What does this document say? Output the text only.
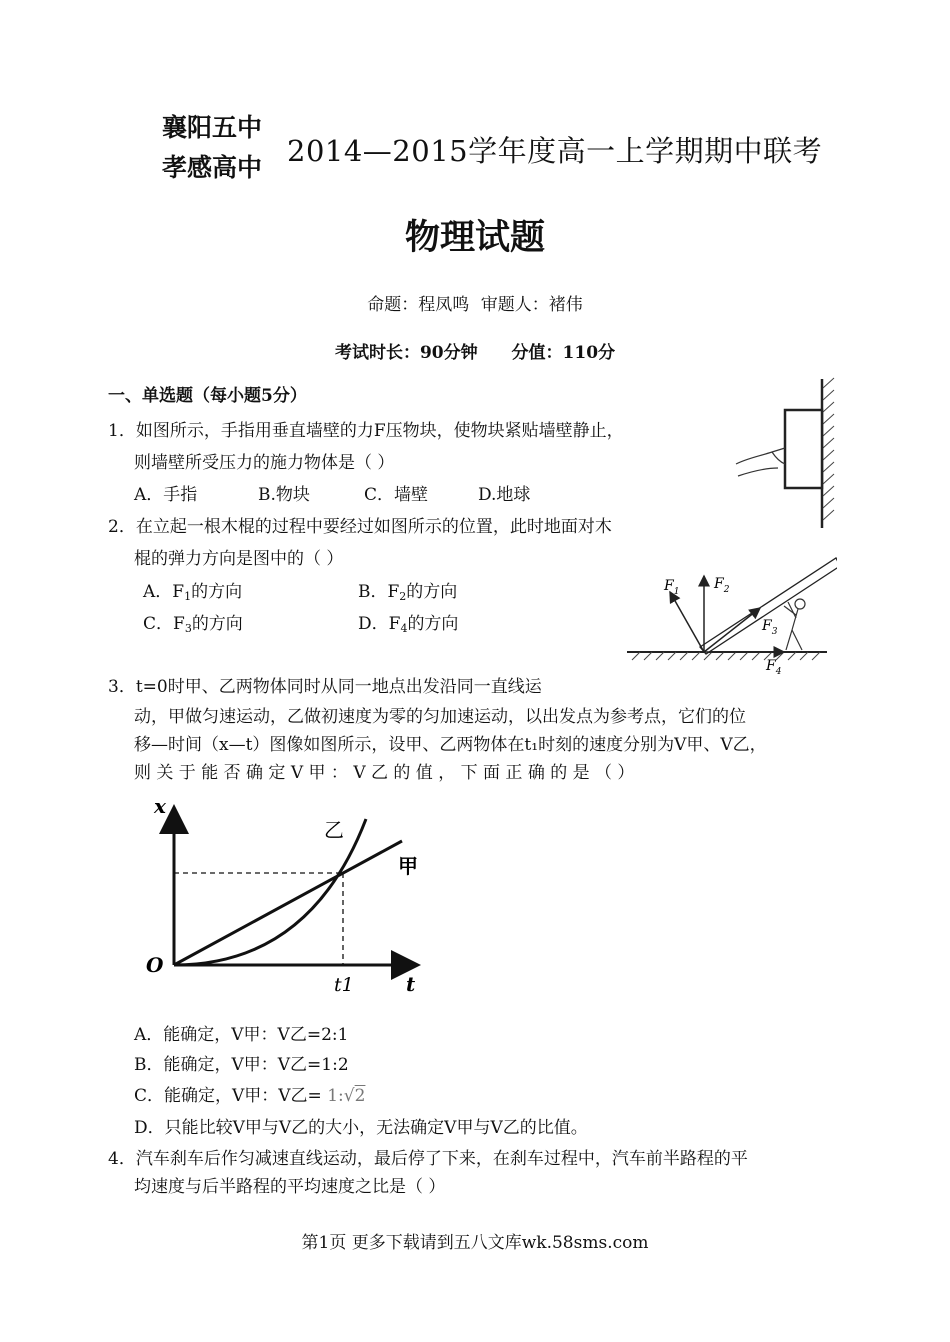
襄阳五中
孝感高中 2014—2015学年度高一上学期期中联考
物理试题
命题：程凤鸣 审题人：褚伟
考试时长：90分钟 分值：110分
一、单选题（每小题5分）
1．如图所示，手指用垂直墙壁的力F压物块，使物块紧贴墙壁静止，
则墙壁所受压力的施力物体是（ ）
A．手指	B.物块	C．墙壁	D.地球
2．在立起一根木棍的过程中要经过如图所示的位置，此时地面对木
棍的弹力方向是图中的（ ）
A．F1的方向	B．F2的方向
C．F3的方向	D．F4的方向
$F_1$ $F_2$
$F_3$
$F_4$
3．t=0时甲、乙两物体同时从同一地点出发沿同一直线运
动，甲做匀速运动，乙做初速度为零的匀加速运动，以出发点为参考点，它们的位
移—时间（x—t）图像如图所示，设甲、乙两物体在t₁时刻的速度分别为V甲、V乙，
则 关 于 能 否 确 定 V 甲 ： V 乙 的 值 ， 下 面 正 确 的 是 （ ）
x
t
O
t1
乙
甲
A．能确定，V甲：V乙=2:1
B．能确定，V甲：V乙=1:2
C．能确定，V甲：V乙= 1:√2
D．只能比较V甲与V乙的大小，无法确定V甲与V乙的比值。
4．汽车刹车后作匀减速直线运动，最后停了下来，在刹车过程中，汽车前半路程的平
均速度与后半路程的平均速度之比是（ ）
第1页 更多下载请到五八文库wk.58sms.com
